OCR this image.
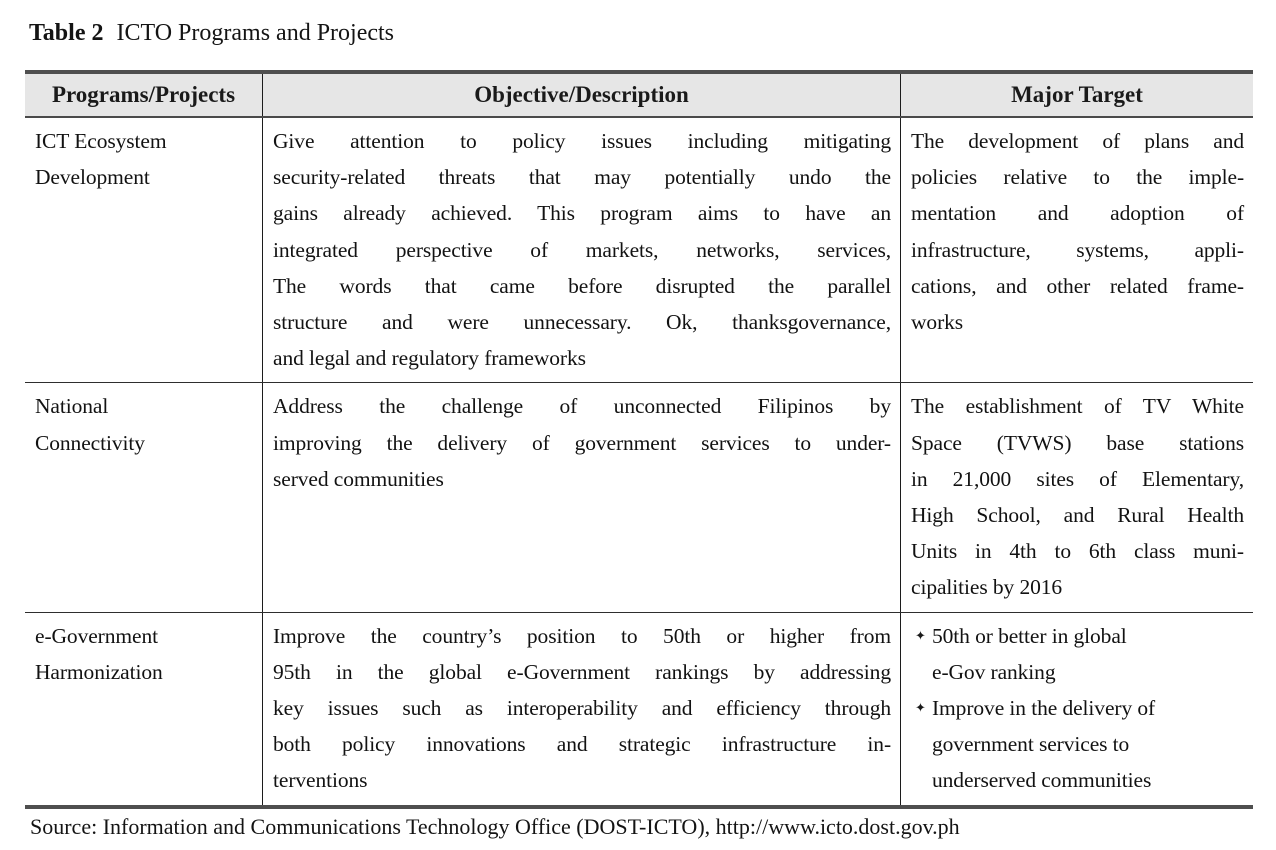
Table 2 ICTO Programs and Projects
Programs/Projects	Objective/Description	Major Target
ICT Ecosystem
Development
Give attention to policy issues including mitigating
security-related threats that may potentially undo the
gains already achieved. This program aims to have an
integrated perspective of markets, networks, services,
The words that came before disrupted the parallel
structure and were unnecessary. Ok, thanksgovernance,
and legal and regulatory frameworks
The development of plans and
policies relative to the imple-
mentation and adoption of
infrastructure, systems, appli-
cations, and other related frame-
works
National
Connectivity
Address the challenge of unconnected Filipinos by
improving the delivery of government services to under-
served communities
The establishment of TV White
Space (TVWS) base stations
in 21,000 sites of Elementary,
High School, and Rural Health
Units in 4th to 6th class muni-
cipalities by 2016
e-Government
Harmonization
Improve the country’s position to 50th or higher from
95th in the global e-Government rankings by addressing
key issues such as interoperability and efficiency through
both policy innovations and strategic infrastructure in-
terventions
✦ 50th or better in global
e-Gov ranking
✦ Improve in the delivery of
government services to
underserved communities
Source: Information and Communications Technology Office (DOST-ICTO), http://www.icto.dost.gov.ph
